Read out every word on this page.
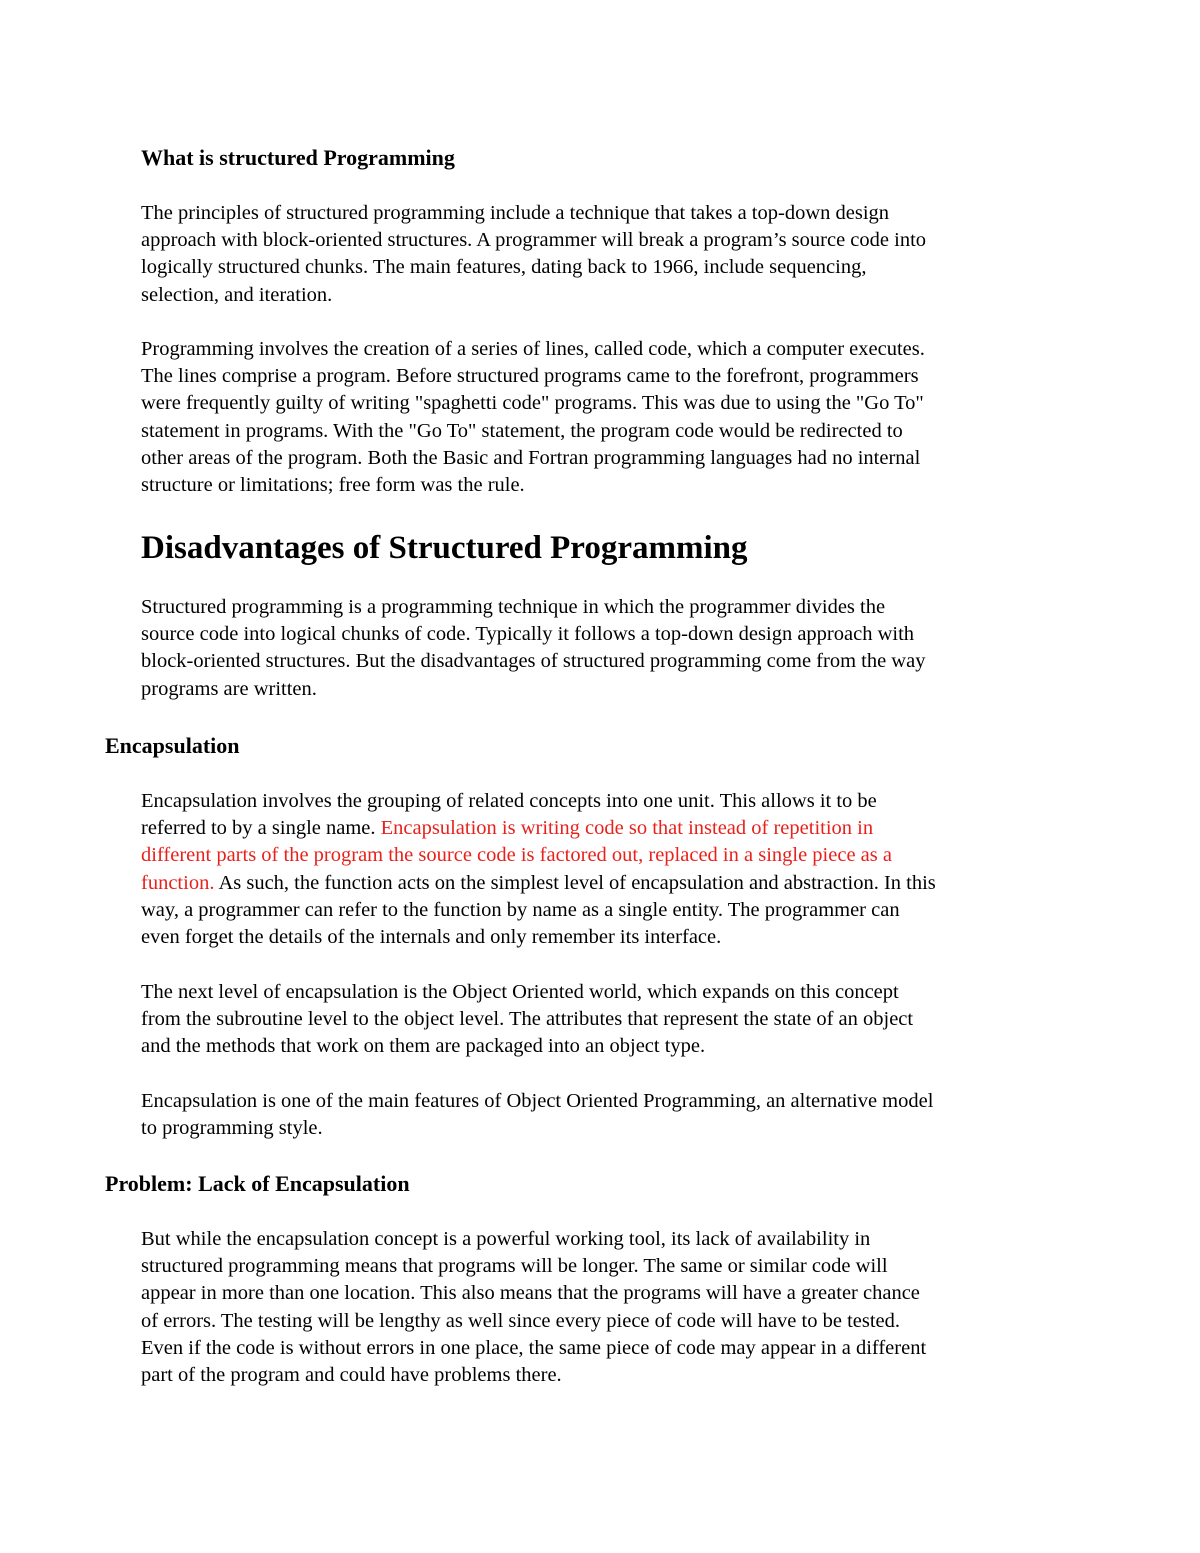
What is structured Programming

The principles of structured programming include a technique that takes a top-down design
approach with block-oriented structures. A programmer will break a program’s source code into
logically structured chunks. The main features, dating back to 1966, include sequencing,
selection, and iteration.

Programming involves the creation of a series of lines, called code, which a computer executes.
The lines comprise a program. Before structured programs came to the forefront, programmers
were frequently guilty of writing "spaghetti code" programs. This was due to using the "Go To"
statement in programs. With the "Go To" statement, the program code would be redirected to
other areas of the program. Both the Basic and Fortran programming languages had no internal
structure or limitations; free form was the rule.

Disadvantages of Structured Programming

Structured programming is a programming technique in which the programmer divides the
source code into logical chunks of code. Typically it follows a top-down design approach with
block-oriented structures. But the disadvantages of structured programming come from the way
programs are written.

Encapsulation

Encapsulation involves the grouping of related concepts into one unit. This allows it to be
referred to by a single name. Encapsulation is writing code so that instead of repetition in
different parts of the program the source code is factored out, replaced in a single piece as a
function. As such, the function acts on the simplest level of encapsulation and abstraction. In this
way, a programmer can refer to the function by name as a single entity. The programmer can
even forget the details of the internals and only remember its interface.

The next level of encapsulation is the Object Oriented world, which expands on this concept
from the subroutine level to the object level. The attributes that represent the state of an object
and the methods that work on them are packaged into an object type.

Encapsulation is one of the main features of Object Oriented Programming, an alternative model
to programming style.

Problem: Lack of Encapsulation

But while the encapsulation concept is a powerful working tool, its lack of availability in
structured programming means that programs will be longer. The same or similar code will
appear in more than one location. This also means that the programs will have a greater chance
of errors. The testing will be lengthy as well since every piece of code will have to be tested.
Even if the code is without errors in one place, the same piece of code may appear in a different
part of the program and could have problems there.
